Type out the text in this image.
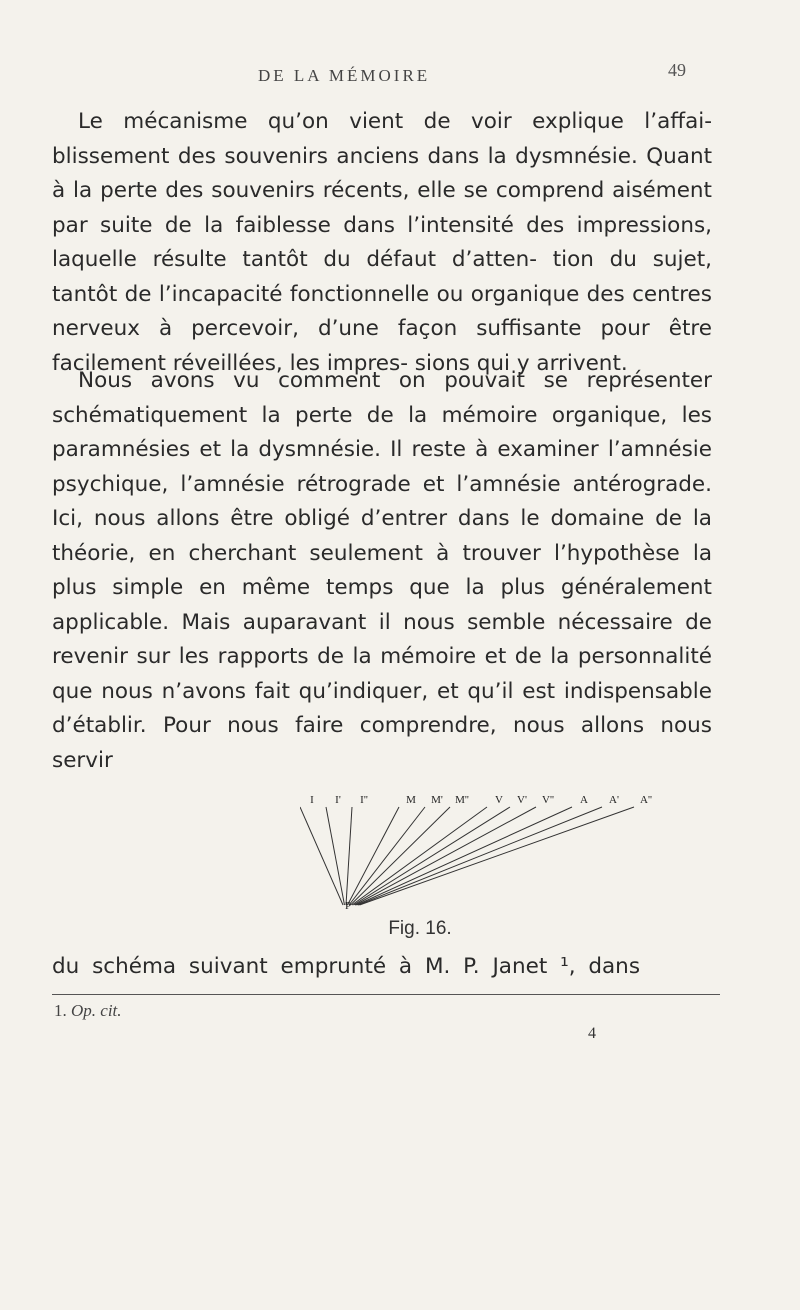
DE LA MÉMOIRE	49
Le mécanisme qu’on vient de voir explique l’affai- blissement des souvenirs anciens dans la dysmnésie. Quant à la perte des souvenirs récents, elle se comprend aisément par suite de la faiblesse dans l’intensité des impressions, laquelle résulte tantôt du défaut d’atten- tion du sujet, tantôt de l’incapacité fonctionnelle ou organique des centres nerveux à percevoir, d’une façon suffisante pour être facilement réveillées, les impres- sions qui y arrivent.
Nous avons vu comment on pouvait se représenter schématiquement la perte de la mémoire organique, les paramnésies et la dysmnésie. Il reste à examiner l’amnésie psychique, l’amnésie rétrograde et l’amnésie antérograde. Ici, nous allons être obligé d’entrer dans le domaine de la théorie, en cherchant seulement à trouver l’hypothèse la plus simple en même temps que la plus généralement applicable. Mais auparavant il nous semble nécessaire de revenir sur les rapports de la mémoire et de la personnalité que nous n’avons fait qu’indiquer, et qu’il est indispensable d’établir. Pour nous faire comprendre, nous allons nous servir
I I' I''	M M' M'' V V' V'' A A' A''
P
Fig. 16.
du schéma suivant emprunté à M. P. Janet ¹, dans
1. Op. cit.
4
